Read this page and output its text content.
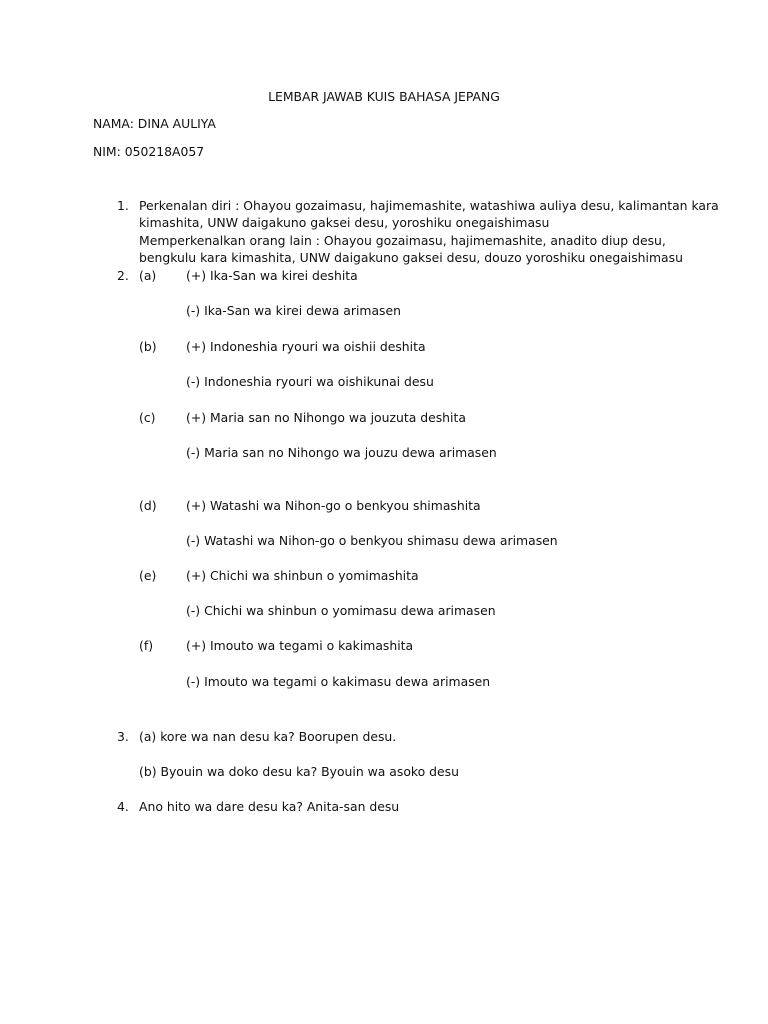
LEMBAR JAWAB KUIS BAHASA JEPANG
NAMA: DINA AULIYA
NIM: 050218A057
1. Perkenalan diri : Ohayou gozaimasu, hajimemashite, watashiwa auliya desu, kalimantan kara
kimashita, UNW daigakuno gaksei desu, yoroshiku onegaishimasu
Memperkenalkan orang lain : Ohayou gozaimasu, hajimemashite, anadito diup desu,
bengkulu kara kimashita, UNW daigakuno gaksei desu, douzo yoroshiku onegaishimasu
2. (a) (+) Ika-San wa kirei deshita
(-) Ika-San wa kirei dewa arimasen
(b) (+) Indoneshia ryouri wa oishii deshita
(-) Indoneshia ryouri wa oishikunai desu
(c) (+) Maria san no Nihongo wa jouzuta deshita
(-) Maria san no Nihongo wa jouzu dewa arimasen
(d) (+) Watashi wa Nihon-go o benkyou shimashita
(-) Watashi wa Nihon-go o benkyou shimasu dewa arimasen
(e) (+) Chichi wa shinbun o yomimashita
(-) Chichi wa shinbun o yomimasu dewa arimasen
(f)	(+) Imouto wa tegami o kakimashita
(-) Imouto wa tegami o kakimasu dewa arimasen
3. (a) kore wa nan desu ka? Boorupen desu.
(b) Byouin wa doko desu ka? Byouin wa asoko desu
4. Ano hito wa dare desu ka? Anita-san desu
